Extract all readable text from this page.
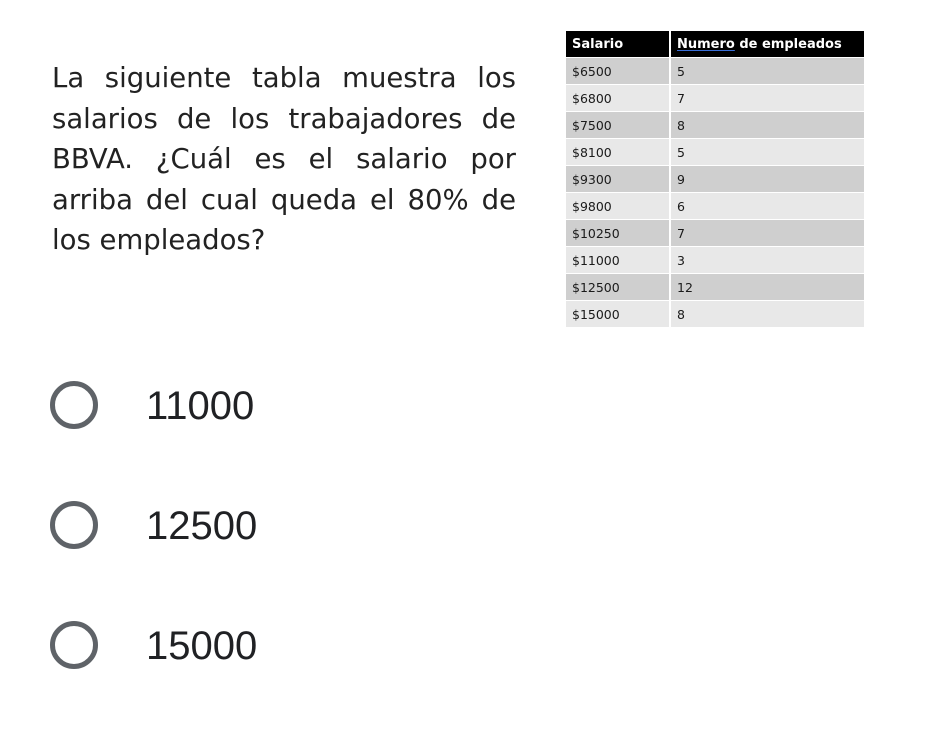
La siguiente tabla muestra los salarios de los trabajadores de BBVA. ¿Cuál es el salario por arriba del cual queda el 80% de los empleados?
Salario	Numero de empleados
$6500	5
$6800	7
$7500	8
$8100	5
$9300	9
$9800	6
$10250	7
$11000	3
$12500	12
$15000	8
11000
12500
15000
